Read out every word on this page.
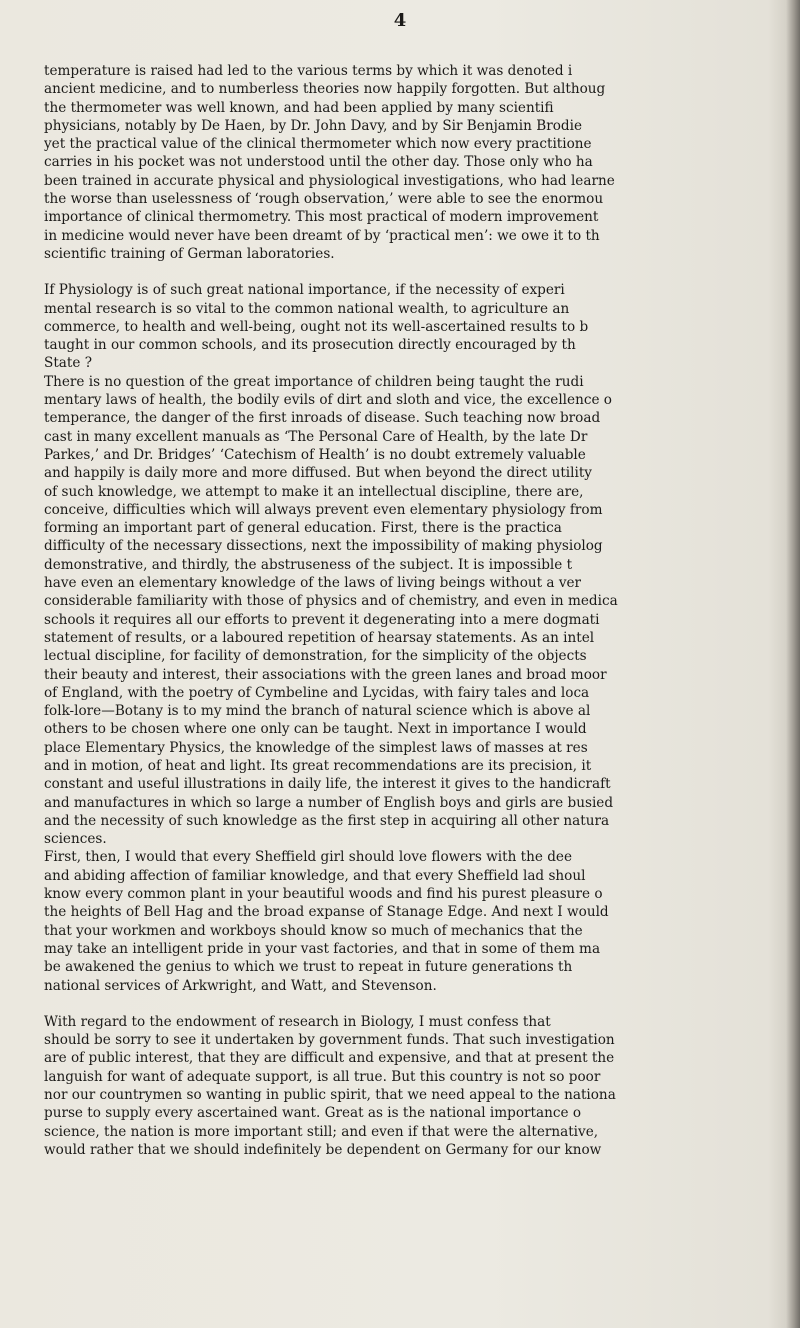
4
temperature is raised had led to the various terms by which it was denoted i
ancient medicine, and to numberless theories now happily forgotten. But althoug
the thermometer was well known, and had been applied by many scientifi
physicians, notably by De Haen, by Dr. John Davy, and by Sir Benjamin Brodie
yet the practical value of the clinical thermometer which now every practitione
carries in his pocket was not understood until the other day. Those only who ha
been trained in accurate physical and physiological investigations, who had learne
the worse than uselessness of ‘rough observation,’ were able to see the enormou
importance of clinical thermometry. This most practical of modern improvement
in medicine would never have been dreamt of by ‘practical men’: we owe it to th
scientific training of German laboratories.
If Physiology is of such great national importance, if the necessity of experi
mental research is so vital to the common national wealth, to agriculture an
commerce, to health and well-being, ought not its well-ascertained results to b
taught in our common schools, and its prosecution directly encouraged by th
State ?
There is no question of the great importance of children being taught the rudi
mentary laws of health, the bodily evils of dirt and sloth and vice, the excellence o
temperance, the danger of the first inroads of disease. Such teaching now broad
cast in many excellent manuals as ‘The Personal Care of Health, by the late Dr
Parkes,’ and Dr. Bridges’ ‘Catechism of Health’ is no doubt extremely valuable
and happily is daily more and more diffused. But when beyond the direct utility
of such knowledge, we attempt to make it an intellectual discipline, there are,
conceive, difficulties which will always prevent even elementary physiology from
forming an important part of general education. First, there is the practica
difficulty of the necessary dissections, next the impossibility of making physiolog
demonstrative, and thirdly, the abstruseness of the subject. It is impossible t
have even an elementary knowledge of the laws of living beings without a ver
considerable familiarity with those of physics and of chemistry, and even in medica
schools it requires all our efforts to prevent it degenerating into a mere dogmati
statement of results, or a laboured repetition of hearsay statements. As an intel
lectual discipline, for facility of demonstration, for the simplicity of the objects
their beauty and interest, their associations with the green lanes and broad moor
of England, with the poetry of Cymbeline and Lycidas, with fairy tales and loca
folk-lore—Botany is to my mind the branch of natural science which is above al
others to be chosen where one only can be taught. Next in importance I would
place Elementary Physics, the knowledge of the simplest laws of masses at res
and in motion, of heat and light. Its great recommendations are its precision, it
constant and useful illustrations in daily life, the interest it gives to the handicraft
and manufactures in which so large a number of English boys and girls are busied
and the necessity of such knowledge as the first step in acquiring all other natura
sciences.
First, then, I would that every Sheffield girl should love flowers with the dee
and abiding affection of familiar knowledge, and that every Sheffield lad shoul
know every common plant in your beautiful woods and find his purest pleasure o
the heights of Bell Hag and the broad expanse of Stanage Edge. And next I would
that your workmen and workboys should know so much of mechanics that the
may take an intelligent pride in your vast factories, and that in some of them ma
be awakened the genius to which we trust to repeat in future generations th
national services of Arkwright, and Watt, and Stevenson.
With regard to the endowment of research in Biology, I must confess that
should be sorry to see it undertaken by government funds. That such investigation
are of public interest, that they are difficult and expensive, and that at present the
languish for want of adequate support, is all true. But this country is not so poor
nor our countrymen so wanting in public spirit, that we need appeal to the nationa
purse to supply every ascertained want. Great as is the national importance o
science, the nation is more important still; and even if that were the alternative,
would rather that we should indefinitely be dependent on Germany for our know
